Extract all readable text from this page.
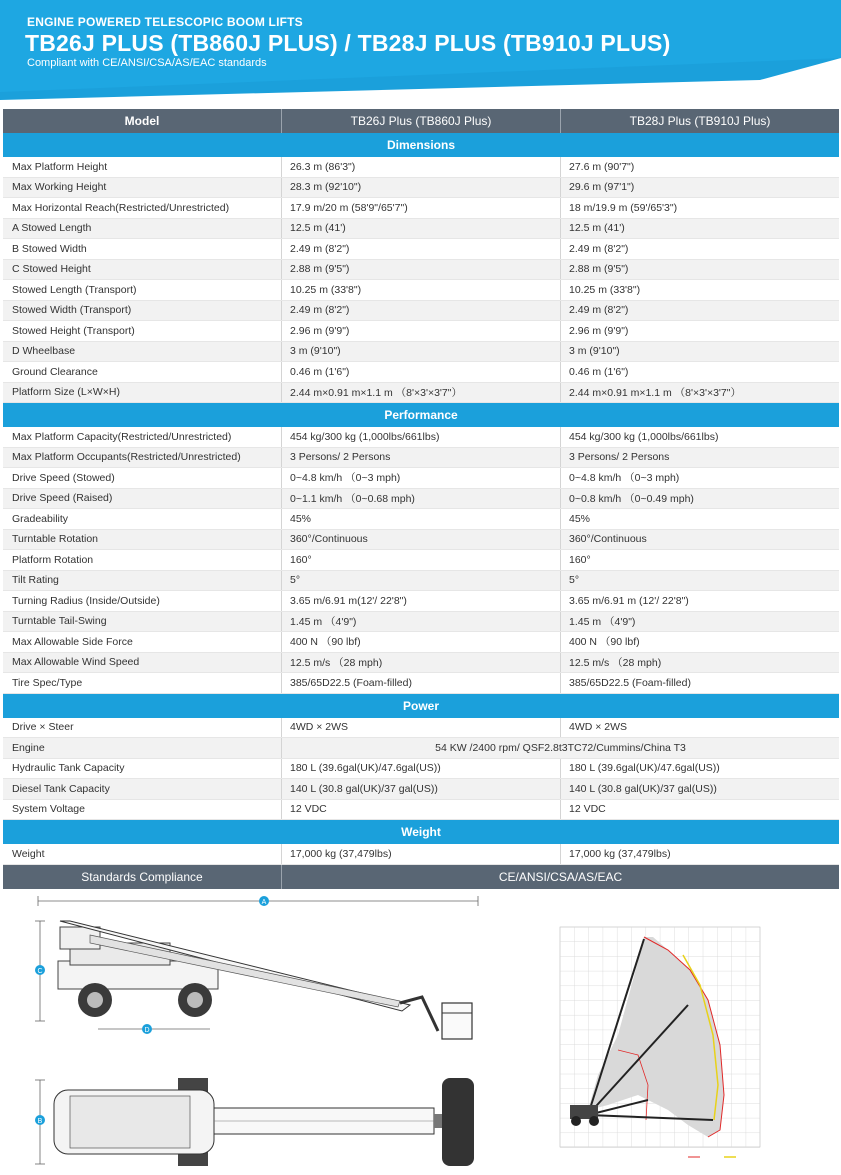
ENGINE POWERED TELESCOPIC BOOM LIFTS
TB26J PLUS (TB860J PLUS) / TB28J PLUS (TB910J PLUS)
Compliant with CE/ANSI/CSA/AS/EAC standards
Model	TB26J Plus (TB860J Plus)	TB28J Plus (TB910J Plus)
Dimensions
Max Platform Height	26.3 m (86'3")	27.6 m (90'7")
Max Working Height	28.3 m (92'10")	29.6 m (97'1")
Max Horizontal Reach(Restricted/Unrestricted)	17.9 m/20 m (58'9"/65'7")	18 m/19.9 m (59'/65'3")
A Stowed Length	12.5 m (41')	12.5 m (41')
B Stowed Width	2.49 m (8'2")	2.49 m (8'2")
C Stowed Height	2.88 m (9'5")	2.88 m (9'5")
Stowed Length (Transport)	10.25 m (33'8")	10.25 m (33'8")
Stowed Width (Transport)	2.49 m (8'2")	2.49 m (8'2")
Stowed Height (Transport)	2.96 m (9'9")	2.96 m (9'9")
D Wheelbase	3 m (9'10")	3 m (9'10")
Ground Clearance	0.46 m (1'6")	0.46 m (1'6")
Platform Size (L×W×H)	2.44 m×0.91 m×1.1 m （8'×3'×3'7"）	2.44 m×0.91 m×1.1 m （8'×3'×3'7"）
Performance
Max Platform Capacity(Restricted/Unrestricted)	454 kg/300 kg (1,000lbs/661lbs)	454 kg/300 kg (1,000lbs/661lbs)
Max Platform Occupants(Restricted/Unrestricted)	3 Persons/ 2 Persons	3 Persons/ 2 Persons
Drive Speed (Stowed)	0~4.8 km/h （0~3 mph)	0~4.8 km/h （0~3 mph)
Drive Speed (Raised)	0~1.1 km/h （0~0.68 mph)	0~0.8 km/h （0~0.49 mph)
Gradeability	45%	45%
Turntable Rotation	360°/Continuous	360°/Continuous
Platform Rotation	160°	160°
Tilt Rating	5°	5°
Turning Radius (Inside/Outside)	3.65 m/6.91 m(12'/ 22'8")	3.65 m/6.91 m (12'/ 22'8")
Turntable Tail-Swing	1.45 m （4'9")	1.45 m （4'9")
Max Allowable Side Force	400 N （90 lbf)	400 N （90 lbf)
Max Allowable Wind Speed	12.5 m/s （28 mph)	12.5 m/s （28 mph)
Tire Spec/Type	385/65D22.5 (Foam-filled)	385/65D22.5 (Foam-filled)
Power
Drive × Steer	4WD × 2WS	4WD × 2WS
Engine	54 KW /2400 rpm/ QSF2.8t3TC72/Cummins/China T3
Hydraulic Tank Capacity	180 L (39.6gal(UK)/47.6gal(US))	180 L (39.6gal(UK)/47.6gal(US))
Diesel Tank Capacity	140 L (30.8 gal(UK)/37 gal(US))	140 L (30.8 gal(UK)/37 gal(US))
System Voltage	12 VDC	12 VDC
Weight
Weight	17,000 kg (37,479lbs)	17,000 kg (37,479lbs)
Standards Compliance	CE/ANSI/CSA/AS/EAC
A
C
D
B
